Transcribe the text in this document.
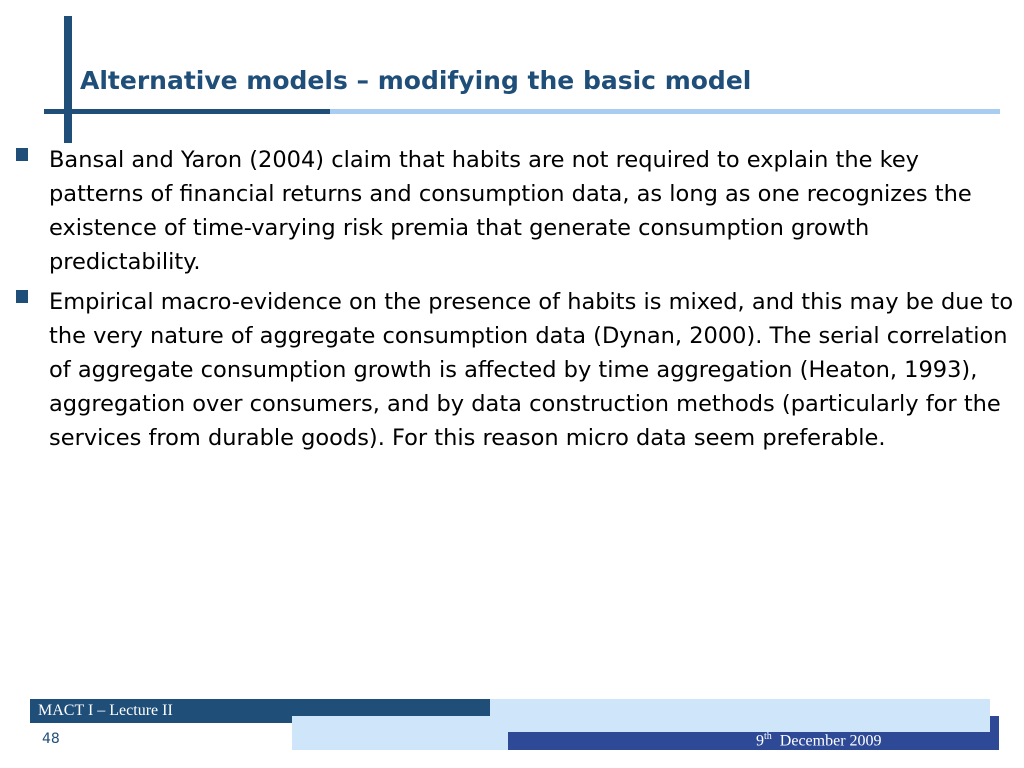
Alternative models – modifying the basic model
Bansal and Yaron (2004) claim that habits are not required to explain the key patterns of financial returns and consumption data, as long as one recognizes the existence of time-varying risk premia that generate consumption growth predictability.
Empirical macro-evidence on the presence of habits is mixed, and this may be due to the very nature of aggregate consumption data (Dynan, 2000). The serial correlation of aggregate consumption growth is affected by time aggregation (Heaton, 1993), aggregation over consumers, and by data construction methods (particularly for the services from durable goods). For this reason micro data seem preferable.
MACT I – Lecture II
48	9th December 2009
